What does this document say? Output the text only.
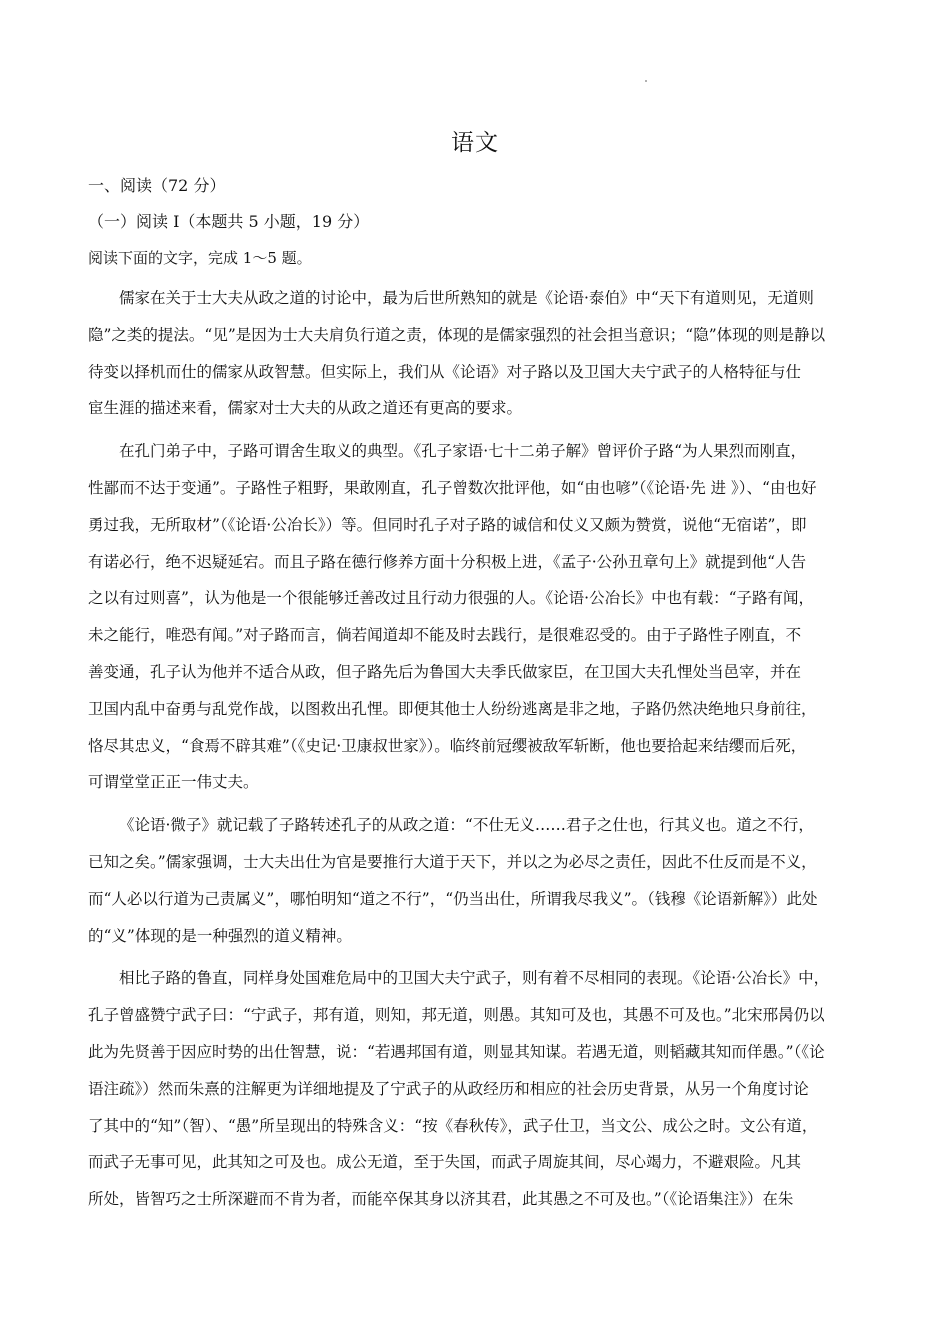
语文
一、阅读（72 分）
（一）阅读 I（本题共 5 小题，19 分）
阅读下面的文字，完成 1～5 题。
儒家在关于士大夫从政之道的讨论中，最为后世所熟知的就是《论语·泰伯》中“天下有道则见，无道则
隐”之类的提法。“见”是因为士大夫肩负行道之责，体现的是儒家强烈的社会担当意识；“隐”体现的则是静以
待变以择机而仕的儒家从政智慧。但实际上，我们从《论语》对子路以及卫国大夫宁武子的人格特征与仕
宦生涯的描述来看，儒家对士大夫的从政之道还有更高的要求。
在孔门弟子中，子路可谓舍生取义的典型。《孔子家语·七十二弟子解》曾评价子路“为人果烈而刚直，
性鄙而不达于变通”。子路性子粗野，果敢刚直，孔子曾数次批评他，如“由也喭”（《论语·先 进 》）、“由也好
勇过我，无所取材”（《论语·公冶长》）等。但同时孔子对子路的诚信和仗义又颇为赞赏，说他“无宿诺”，即
有诺必行，绝不迟疑延宕。而且子路在德行修养方面十分积极上进，《孟子·公孙丑章句上》就提到他“人告
之以有过则喜”，认为他是一个很能够迁善改过且行动力很强的人。《论语·公冶长》中也有载：“子路有闻，
未之能行，唯恐有闻。”对子路而言，倘若闻道却不能及时去践行，是很难忍受的。由于子路性子刚直，不
善变通，孔子认为他并不适合从政，但子路先后为鲁国大夫季氏做家臣，在卫国大夫孔悝处当邑宰，并在
卫国内乱中奋勇与乱党作战，以图救出孔悝。即便其他士人纷纷逃离是非之地，子路仍然决绝地只身前往，
恪尽其忠义，“食焉不辟其难”（《史记·卫康叔世家》）。临终前冠缨被敌军斩断，他也要拾起来结缨而后死，
可谓堂堂正正一伟丈夫。
《论语·微子》就记载了子路转述孔子的从政之道：“不仕无义……君子之仕也，行其义也。道之不行，
已知之矣。”儒家强调，士大夫出仕为官是要推行大道于天下，并以之为必尽之责任，因此不仕反而是不义，
而“人必以行道为己责属义”，哪怕明知“道之不行”，“仍当出仕，所谓我尽我义”。（钱穆《论语新解》）此处
的“义”体现的是一种强烈的道义精神。
相比子路的鲁直，同样身处国难危局中的卫国大夫宁武子，则有着不尽相同的表现。《论语·公冶长》中，
孔子曾盛赞宁武子曰：“宁武子，邦有道，则知，邦无道，则愚。其知可及也，其愚不可及也。”北宋邢昺仍以
此为先贤善于因应时势的出仕智慧，说：“若遇邦国有道，则显其知谋。若遇无道，则韬藏其知而佯愚。”（《论
语注疏》）然而朱熹的注解更为详细地提及了宁武子的从政经历和相应的社会历史背景，从另一个角度讨论
了其中的“知”（智）、“愚”所呈现出的特殊含义：“按《春秋传》，武子仕卫，当文公、成公之时。文公有道，
而武子无事可见，此其知之可及也。成公无道，至于失国，而武子周旋其间，尽心竭力，不避艰险。凡其
所处，皆智巧之士所深避而不肯为者，而能卒保其身以济其君，此其愚之不可及也。”（《论语集注》）在朱
